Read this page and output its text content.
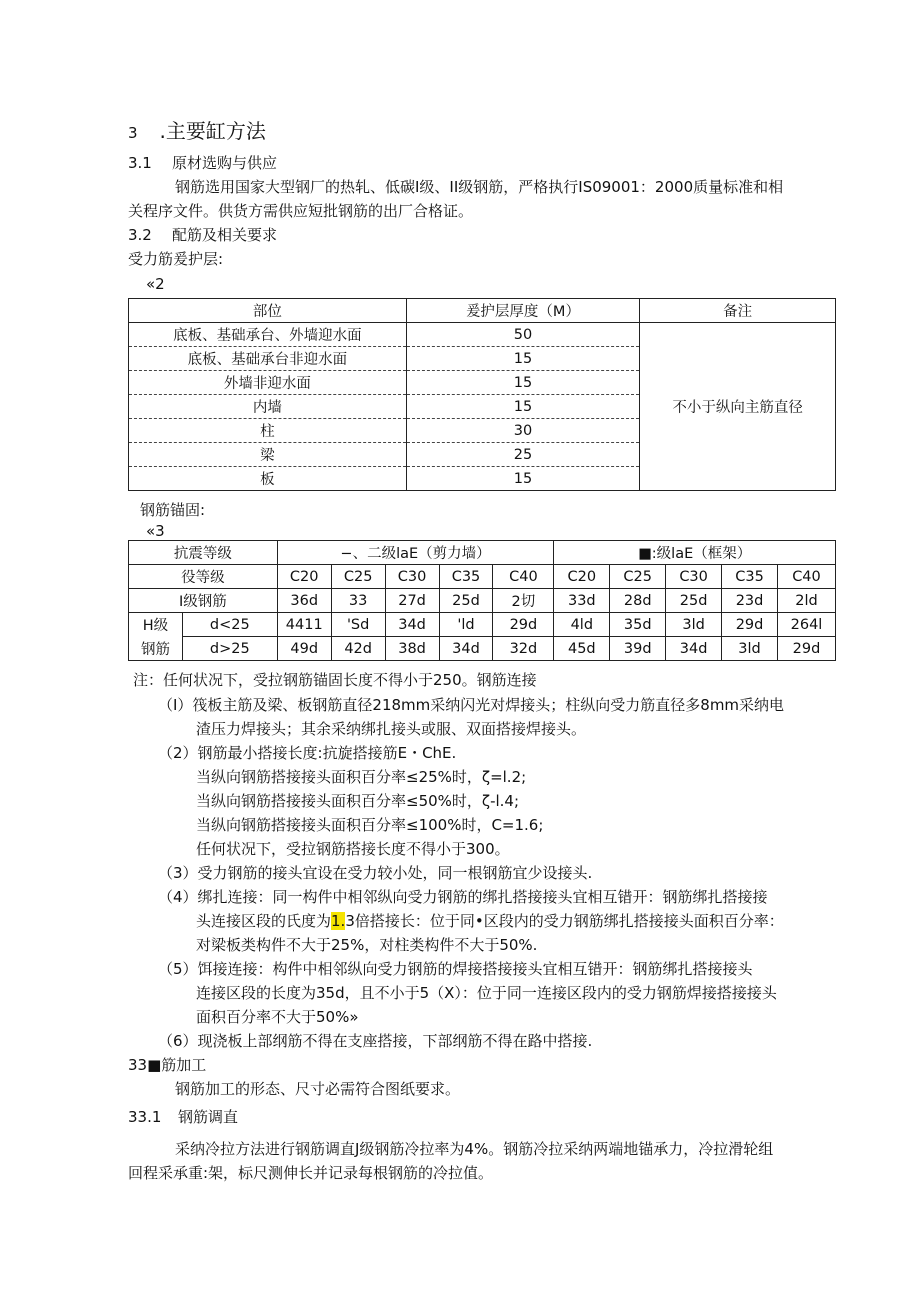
3 .主要缸方法
3.1 原材选购与供应
钢筋选用国家大型钢厂的热轧、低碳I级、II级钢筋，严格执行IS09001：2000质量标准和相
关程序文件。供货方需供应短批钢筋的出厂合格证。
3.2 配筋及相关要求
受力筋爰护层:
«2
部位	爰护层厚度（M）	备注
底板、基础承台、外墙迎水面	50	不小于纵向主筋直径
底板、基础承台非迎水面	15	
外墙非迎水面	15	
内墙	15	
柱	30	
梁	25	
板	15	
钢筋锚固:
«3
抗震等级		−、二级laE（剪力墙）					■:级laE（框架）				
役等级		C20	C25	C30	C35	C40	C20	C25	C30	C35	C40
I级钢筋		36d	33	27d	25d	2切	33d	28d	25d	23d	2ld
H级	d<25	4411	'Sd	34d	'ld	29d	4ld	35d	3ld	29d	264l
钢筋	d>25	49d	42d	38d	34d	32d	45d	39d	34d	3ld	29d
注：任何状况下，受拉钢筋锚固长度不得小于250。钢筋连接
（I）筏板主筋及梁、板钢筋直径218mm采纳闪光对焊接头；柱纵向受力筋直径多8mm采纳电
渣压力焊接头；其余采纳绑扎接头或服、双面搭接焊接头。
（2）钢筋最小搭接长度:抗旋搭接筋E・ChE.
当纵向钢筋搭接接头面积百分率≤25%时，ζ=l.2;
当纵向钢筋搭接接头面积百分率≤50%时，ζ-l.4;
当纵向钢筋搭接接头面积百分率≤100%时，C=1.6;
任何状况下，受拉钢筋搭接长度不得小于300。
（3）受力钢筋的接头宜设在受力较小处，同一根钢筋宜少设接头.
（4）绑扎连接：同一构件中相邻纵向受力钢筋的绑扎搭接接头宜相互错开：钢筋绑扎搭接接
头连接区段的氏度为1.3倍搭接长：位于同•区段内的受力钢筋绑扎搭接接头面积百分率：
对梁板类构件不大于25%，对柱类构件不大于50%.
（5）饵接连接：构件中相邻纵向受力钢筋的焊接搭接接头宜相互错开：钢筋绑扎搭接接头
连接区段的长度为35d，且不小于5（X）：位于同一连接区段内的受力钢筋焊接搭接接头
面积百分率不大于50%»
（6）现浇板上部纲筋不得在支座搭接，下部纲筋不得在路中搭接.
33■筋加工
钢筋加工的形态、尺寸必需符合图纸要求。
33.1 钢筋调直
采纳冷拉方法进行钢筋调直J级钢筋冷拉率为4%。钢筋冷拉采纳两端地锚承力，冷拉滑轮组
回程采承重:架，标尺测伸长并记录每根钢筋的冷拉值。
